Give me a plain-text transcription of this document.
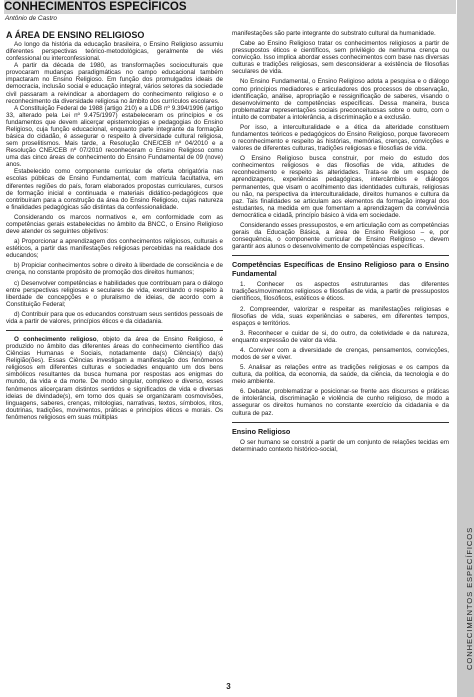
CONHECIMENTOS ESPECÍFICOS
Antônio de Castro

A ÁREA DE ENSINO RELIGIOSO

Ao longo da história da educação brasileira, o Ensino Religioso assumiu diferentes perspectivas teórico-metodológicas, geralmente de viés confessional ou interconfessional.

A partir da década de 1980, as transformações socioculturais que provocaram mudanças paradigmáticas no campo educacional também impactaram no Ensino Religioso. Em função dos promulgados ideais de democracia, inclusão social e educação integral, vários setores da sociedade civil passaram a reivindicar a abordagem do conhecimento religioso e o reconhecimento da diversidade religiosa no âmbito dos currículos escolares.

A Constituição Federal de 1988 (artigo 210) e a LDB nº 9.394/1996 (artigo 33, alterado pela Lei nº 9.475/1997) estabeleceram os princípios e os fundamentos que devem alicerçar epistemologias e pedagogias do Ensino Religioso, cuja função educacional, enquanto parte integrante da formação básica do cidadão, é assegurar o respeito à diversidade cultural religiosa, sem proselitismos. Mais tarde, a Resolução CNE/CEB nº 04/2010 e a Resolução CNE/CEB nº 07/2010 reconheceram o Ensino Religioso como uma das cinco áreas de conhecimento do Ensino Fundamental de 09 (nove) anos.

Estabelecido como componente curricular de oferta obrigatória nas escolas públicas de Ensino Fundamental, com matrícula facultativa, em diferentes regiões do país, foram elaborados propostas curriculares, cursos de formação inicial e continuada e materiais didático-pedagógicos que contribuíram para a construção da área do Ensino Religioso, cujas natureza e finalidades pedagógicas são distintas da confessionalidade.

Considerando os marcos normativos e, em conformidade com as competências gerais estabelecidas no âmbito da BNCC, o Ensino Religioso deve atender os seguintes objetivos:

a) Proporcionar a aprendizagem dos conhecimentos religiosos, culturais e estéticos, a partir das manifestações religiosas percebidas na realidade dos educandos;

b) Propiciar conhecimentos sobre o direito à liberdade de consciência e de crença, no constante propósito de promoção dos direitos humanos;

c) Desenvolver competências e habilidades que contribuam para o diálogo entre perspectivas religiosas e seculares de vida, exercitando o respeito à liberdade de concepções e o pluralismo de ideias, de acordo com a Constituição Federal;

d) Contribuir para que os educandos construam seus sentidos pessoais de vida a partir de valores, princípios éticos e da cidadania.

O conhecimento religioso, objeto da área de Ensino Religioso, é produzido no âmbito das diferentes áreas do conhecimento científico das Ciências Humanas e Sociais, notadamente da(s) Ciência(s) da(s) Religião(ões). Essas Ciências investigam a manifestação dos fenômenos religiosos em diferentes culturas e sociedades enquanto um dos bens simbólicos resultantes da busca humana por respostas aos enigmas do mundo, da vida e da morte. De modo singular, complexo e diverso, esses fenômenos alicerçaram distintos sentidos e significados de vida e diversas ideias de divindade(s), em torno dos quais se organizaram cosmovisões, linguagens, saberes, crenças, mitologias, narrativas, textos, símbolos, ritos, doutrinas, tradições, movimentos, práticas e princípios éticos e morais. Os fenômenos religiosos em suas múltiplas

manifestações são parte integrante do substrato cultural da humanidade.

Cabe ao Ensino Religioso tratar os conhecimentos religiosos a partir de pressupostos éticos e científicos, sem privilégio de nenhuma crença ou convicção. Isso implica abordar esses conhecimentos com base nas diversas culturas e tradições religiosas, sem desconsiderar a existência de filosofias seculares de vida.

No Ensino Fundamental, o Ensino Religioso adota a pesquisa e o diálogo como princípios mediadores e articuladores dos processos de observação, identificação, análise, apropriação e ressignificação de saberes, visando o desenvolvimento de competências específicas. Dessa maneira, busca problematizar representações sociais preconceituosas sobre o outro, com o intuito de combater a intolerância, a discriminação e a exclusão.

Por isso, a interculturalidade e a ética da alteridade constituem fundamentos teóricos e pedagógicos do Ensino Religioso, porque favorecem o reconhecimento e respeito às histórias, memórias, crenças, convicções e valores de diferentes culturas, tradições religiosas e filosofias de vida.

O Ensino Religioso busca construir, por meio do estudo dos conhecimentos religiosos e das filosofias de vida, atitudes de reconhecimento e respeito às alteridades. Trata-se de um espaço de aprendizagens, experiências pedagógicas, intercâmbios e diálogos permanentes, que visam o acolhimento das identidades culturais, religiosas ou não, na perspectiva da interculturalidade, direitos humanos e cultura da paz. Tais finalidades se articulam aos elementos da formação integral dos estudantes, na medida em que fomentam a aprendizagem da convivência democrática e cidadã, princípio básico à vida em sociedade.

Considerando esses pressupostos, e em articulação com as competências gerais da Educação Básica, a área de Ensino Religioso – e, por consequência, o componente curricular de Ensino Religioso –, devem garantir aos alunos o desenvolvimento de competências específicas.

Competências Específicas de Ensino Religioso para o Ensino Fundamental

1. Conhecer os aspectos estruturantes das diferentes tradições/movimentos religiosos e filosofias de vida, a partir de pressupostos científicos, filosóficos, estéticos e éticos.

2. Compreender, valorizar e respeitar as manifestações religiosas e filosofias de vida, suas experiências e saberes, em diferentes tempos, espaços e territórios.

3. Reconhecer e cuidar de si, do outro, da coletividade e da natureza, enquanto expressão de valor da vida.

4. Conviver com a diversidade de crenças, pensamentos, convicções, modos de ser e viver.

5. Analisar as relações entre as tradições religiosas e os campos da cultura, da política, da economia, da saúde, da ciência, da tecnologia e do meio ambiente.

6. Debater, problematizar e posicionar-se frente aos discursos e práticas de intolerância, discriminação e violência de cunho religioso, de modo a assegurar os direitos humanos no constante exercício da cidadania e da cultura de paz.

Ensino Religioso

O ser humano se constrói a partir de um conjunto de relações tecidas em determinado contexto histórico-social,

CONHECIMENTOS ESPECÍFICOS
3
